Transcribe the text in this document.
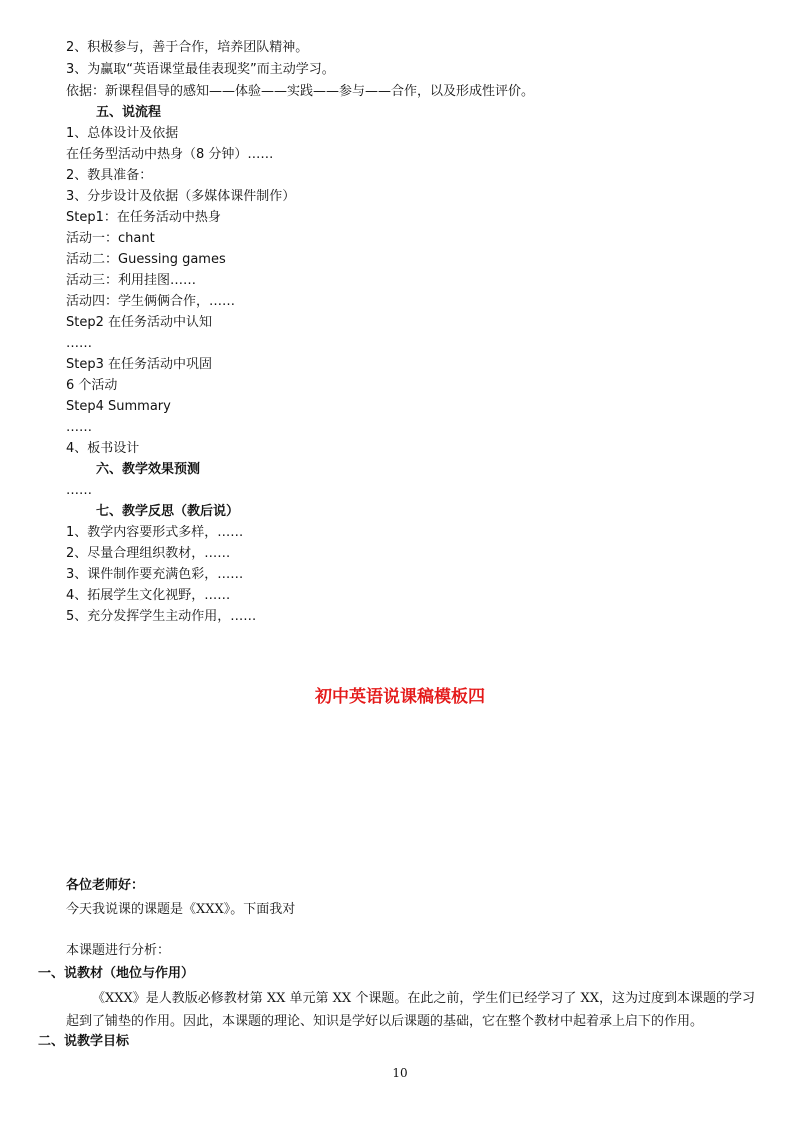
2、积极参与，善于合作，培养团队精神。
3、为赢取“英语课堂最佳表现奖”而主动学习。
依据：新课程倡导的感知——体验——实践——参与——合作，以及形成性评价。
五、说流程
1、总体设计及依据
在任务型活动中热身（8 分钟）……
2、教具准备：
3、分步设计及依据（多媒体课件制作）
Step1：在任务活动中热身
活动一：chant
活动二：Guessing games
活动三：利用挂图……
活动四：学生俩俩合作，……
Step2 在任务活动中认知
……
Step3 在任务活动中巩固
6 个活动
Step4 Summary
……
4、板书设计
六、教学效果预测
……
七、教学反思（教后说）
1、教学内容要形式多样，……
2、尽量合理组织教材，……
3、课件制作要充满色彩，……
4、拓展学生文化视野，……
5、充分发挥学生主动作用，……
初中英语说课稿模板四
各位老师好：
今天我说课的课题是《XXX》。下面我对
本课题进行分析：
一、说教材（地位与作用）
《XXX》是人教版必修教材第 XX 单元第 XX 个课题。在此之前，学生们已经学习了 XX，这为过度到本课题的学习起到了铺垫的作用。因此，本课题的理论、知识是学好以后课题的基础，它在整个教材中起着承上启下的作用。
二、说教学目标
10
